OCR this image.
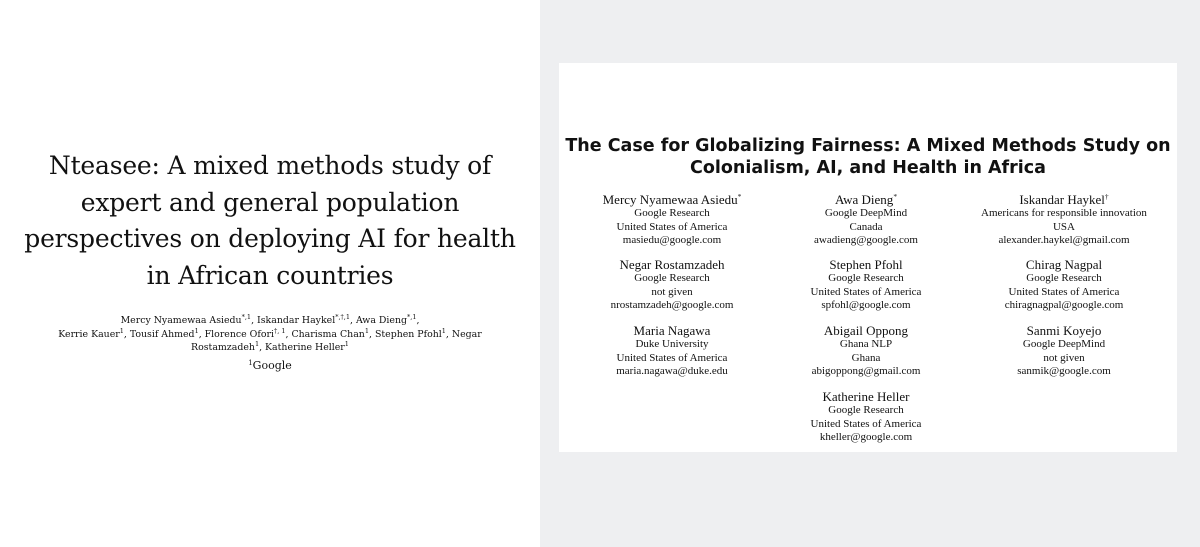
Nteasee: A mixed methods study of
expert and general population
perspectives on deploying AI for health
in African countries
Mercy Nyamewaa Asiedu$^{*,1}$, Iskandar Haykel$^{*,\dagger,1}$, Awa Dieng$^{*,1}$,
Kerrie Kauer$^1$, Tousif Ahmed$^1$, Florence Ofori$^{\dagger, 1}$, Charisma Chan$^1$, Stephen Pfohl$^1$, Negar
Rostamzadeh$^1$, Katherine Heller$^1$
$^1$Google
The Case for Globalizing Fairness: A Mixed Methods Study on
Colonialism, AI, and Health in Africa
Mercy Nyamewaa Asiedu*
Google Research
United States of America
masiedu@google.com
Awa Dieng*
Google DeepMind
Canada
awadieng@google.com
Iskandar Haykel†
Americans for responsible innovation
USA
alexander.haykel@gmail.com
Negar Rostamzadeh
Google Research
not given
nrostamzadeh@google.com
Stephen Pfohl
Google Research
United States of America
spfohl@google.com
Chirag Nagpal
Google Research
United States of America
chiragnagpal@google.com
Maria Nagawa
Duke University
United States of America
maria.nagawa@duke.edu
Abigail Oppong
Ghana NLP
Ghana
abigoppong@gmail.com
Sanmi Koyejo
Google DeepMind
not given
sanmik@google.com
Katherine Heller
Google Research
United States of America
kheller@google.com
